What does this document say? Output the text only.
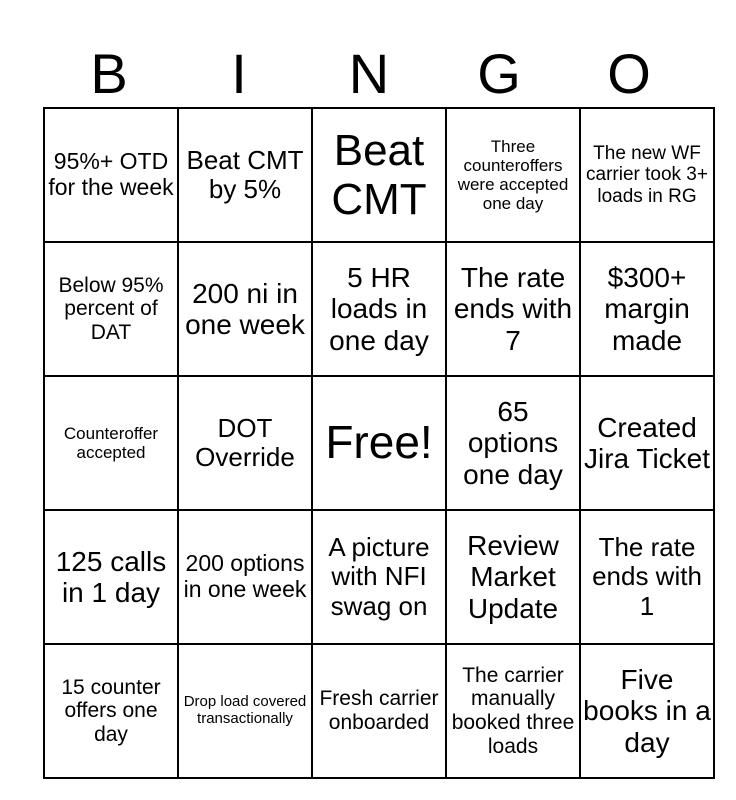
B	I	N	G	O
95%+ OTD for the week	Beat CMT by 5%	Beat CMT	Three counteroffers were accepted one day	The new WF carrier took 3+ loads in RG
Below 95% percent of DAT	200 ni in one week	5 HR loads in one day	The rate ends with 7	$300+ margin made
Counteroffer accepted	DOT Override	Free!	65 options one day	Created Jira Ticket
125 calls in 1 day	200 options in one week	A picture with NFI swag on	Review Market Update	The rate ends with 1
15 counter offers one day	Drop load covered transactionally	Fresh carrier onboarded	The carrier manually booked three loads	Five books in a day
